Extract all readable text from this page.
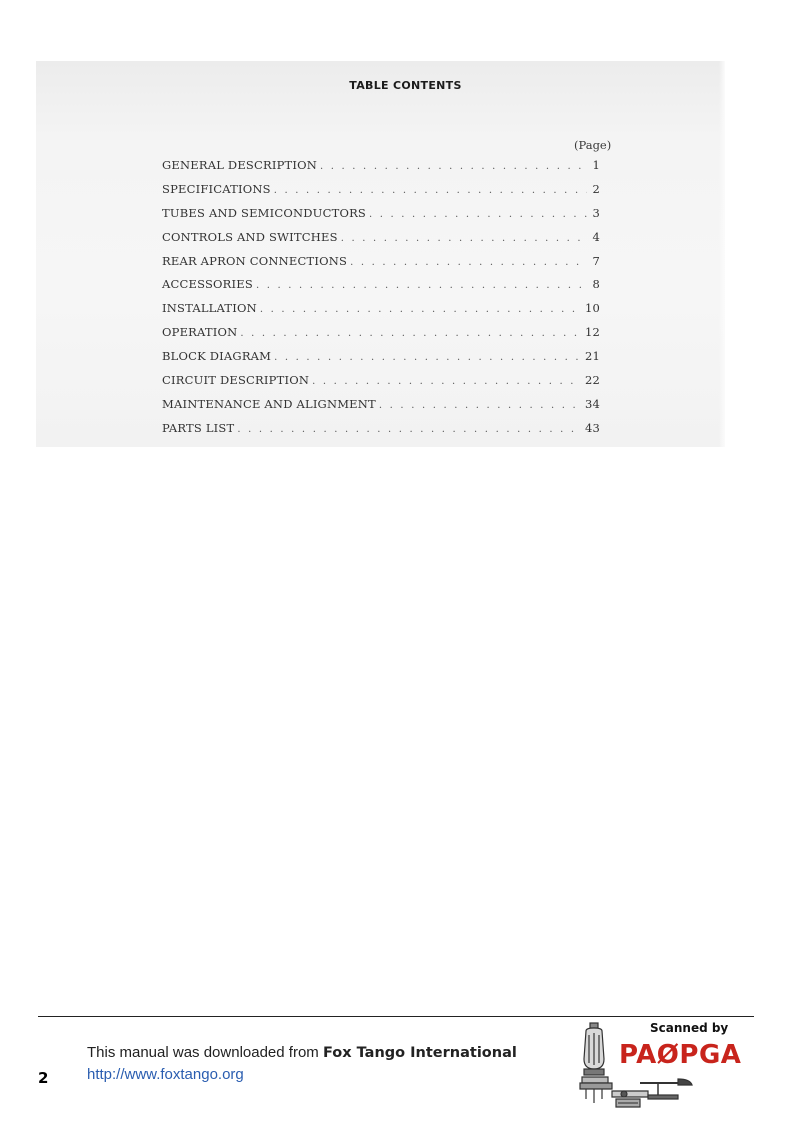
TABLE CONTENTS
(Page)
GENERAL DESCRIPTION . . .	1
SPECIFICATIONS . . .	2
TUBES AND SEMICONDUCTORS . . .	3
CONTROLS AND SWITCHES . . .	4
REAR APRON CONNECTIONS . . .	7
ACCESSORIES . . .	8
INSTALLATION . . .	10
OPERATION . . .	12
BLOCK DIAGRAM . . .	21
CIRCUIT DESCRIPTION . . .	22
MAINTENANCE AND ALIGNMENT . . .	34
PARTS LIST . . .	43
This manual was downloaded from Fox Tango International
http://www.foxtango.org
2
Scanned by
PAØPGA
